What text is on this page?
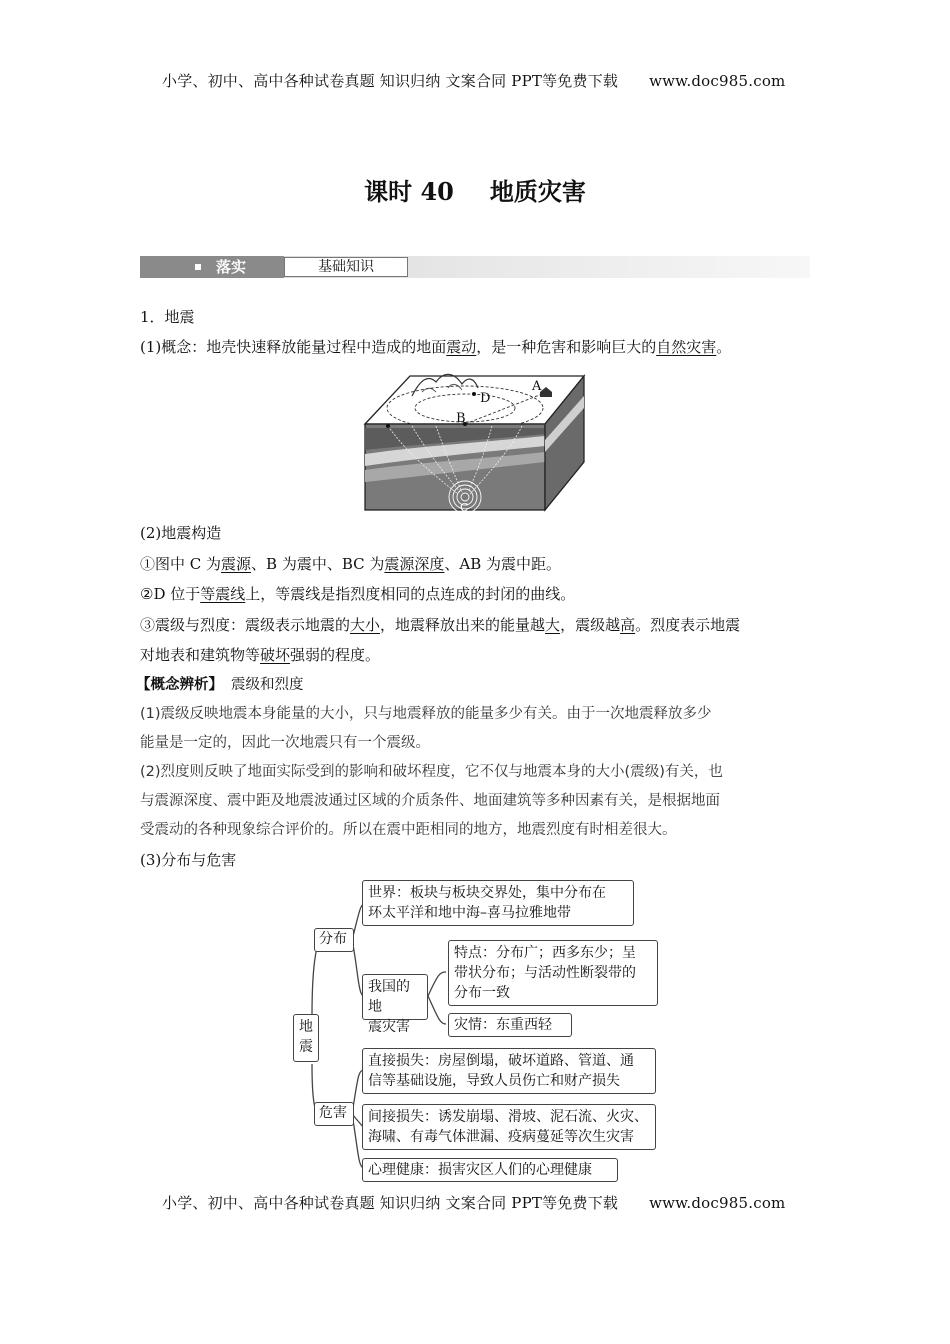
小学、初中、高中各种试卷真题 知识归纳 文案合同 PPT等免费下载 www.doc985.com
课时 40 地质灾害
落实	基础知识
1．地震
(1)概念：地壳快速释放能量过程中造成的地面震动，是一种危害和影响巨大的自然灾害。
A
D
B
C
(2)地震构造
①图中 C 为震源、B 为震中、BC 为震源深度、AB 为震中距。
②D 位于等震线上，等震线是指烈度相同的点连成的封闭的曲线。
③震级与烈度：震级表示地震的大小，地震释放出来的能量越大，震级越高。烈度表示地震
对地表和建筑物等破坏强弱的程度。
【概念辨析】 震级和烈度
(1)震级反映地震本身能量的大小，只与地震释放的能量多少有关。由于一次地震释放多少
能量是一定的，因此一次地震只有一个震级。
(2)烈度则反映了地面实际受到的影响和破坏程度，它不仅与地震本身的大小(震级)有关，也
与震源深度、震中距及地震波通过区域的介质条件、地面建筑等多种因素有关，是根据地面
受震动的各种现象综合评价的。所以在震中距相同的地方，地震烈度有时相差很大。
(3)分布与危害
地震
分布
危害
世界：板块与板块交界处，集中分布在
环太平洋和地中海–喜马拉雅地带
我国的地
震灾害
特点：分布广；西多东少；呈
带状分布；与活动性断裂带的
分布一致
灾情：东重西轻
直接损失：房屋倒塌，破坏道路、管道、通
信等基础设施，导致人员伤亡和财产损失
间接损失：诱发崩塌、滑坡、泥石流、火灾、
海啸、有毒气体泄漏、疫病蔓延等次生灾害
心理健康：损害灾区人们的心理健康
小学、初中、高中各种试卷真题 知识归纳 文案合同 PPT等免费下载 www.doc985.com
